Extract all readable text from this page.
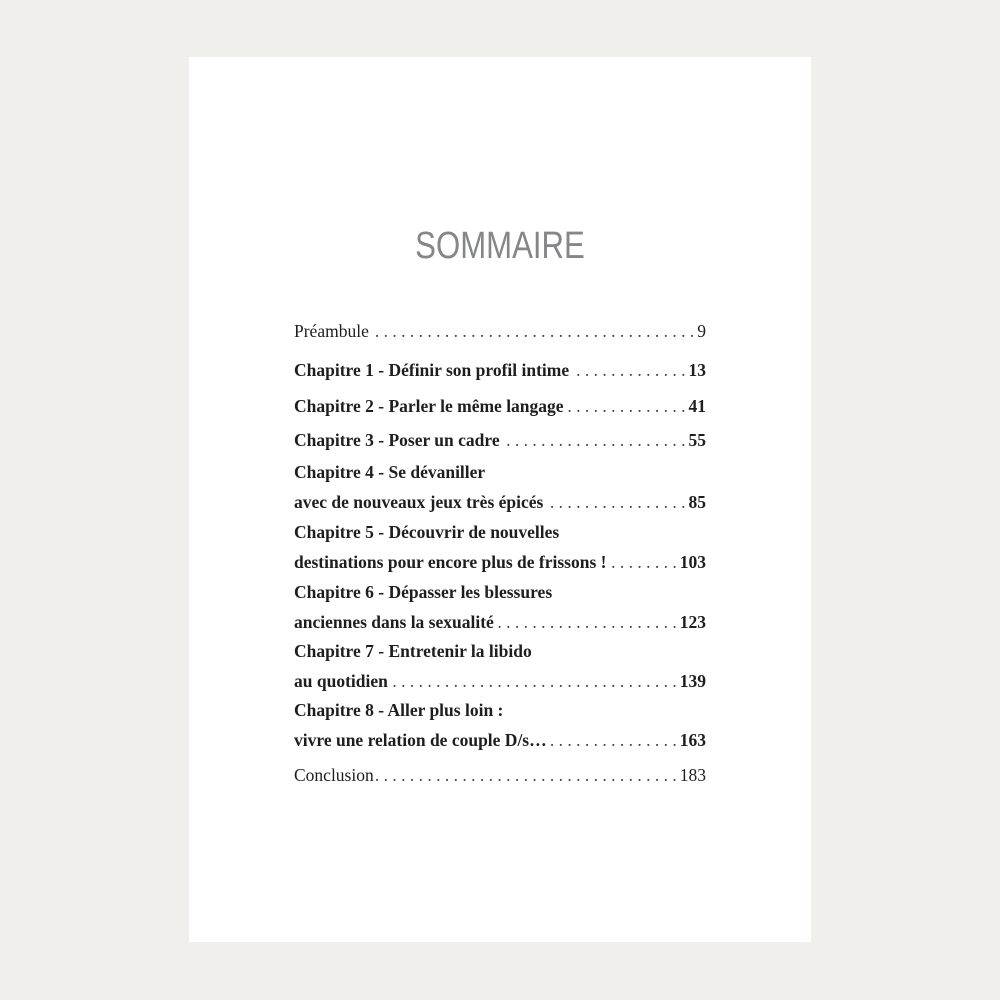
SOMMAIRE
Préambule . . .	9
Chapitre 1 - Définir son profil intime . . .	13
Chapitre 2 - Parler le même langage . . .	41
Chapitre 3 - Poser un cadre . . .	55
Chapitre 4 - Se dévaniller
avec de nouveaux jeux très épicés . . .	85
Chapitre 5 - Découvrir de nouvelles
destinations pour encore plus de frissons ! . . .	103
Chapitre 6 - Dépasser les blessures
anciennes dans la sexualité . . .	123
Chapitre 7 - Entretenir la libido
au quotidien . . .	139
Chapitre 8 - Aller plus loin :
vivre une relation de couple D/s… . . .	163
Conclusion . . .	183
